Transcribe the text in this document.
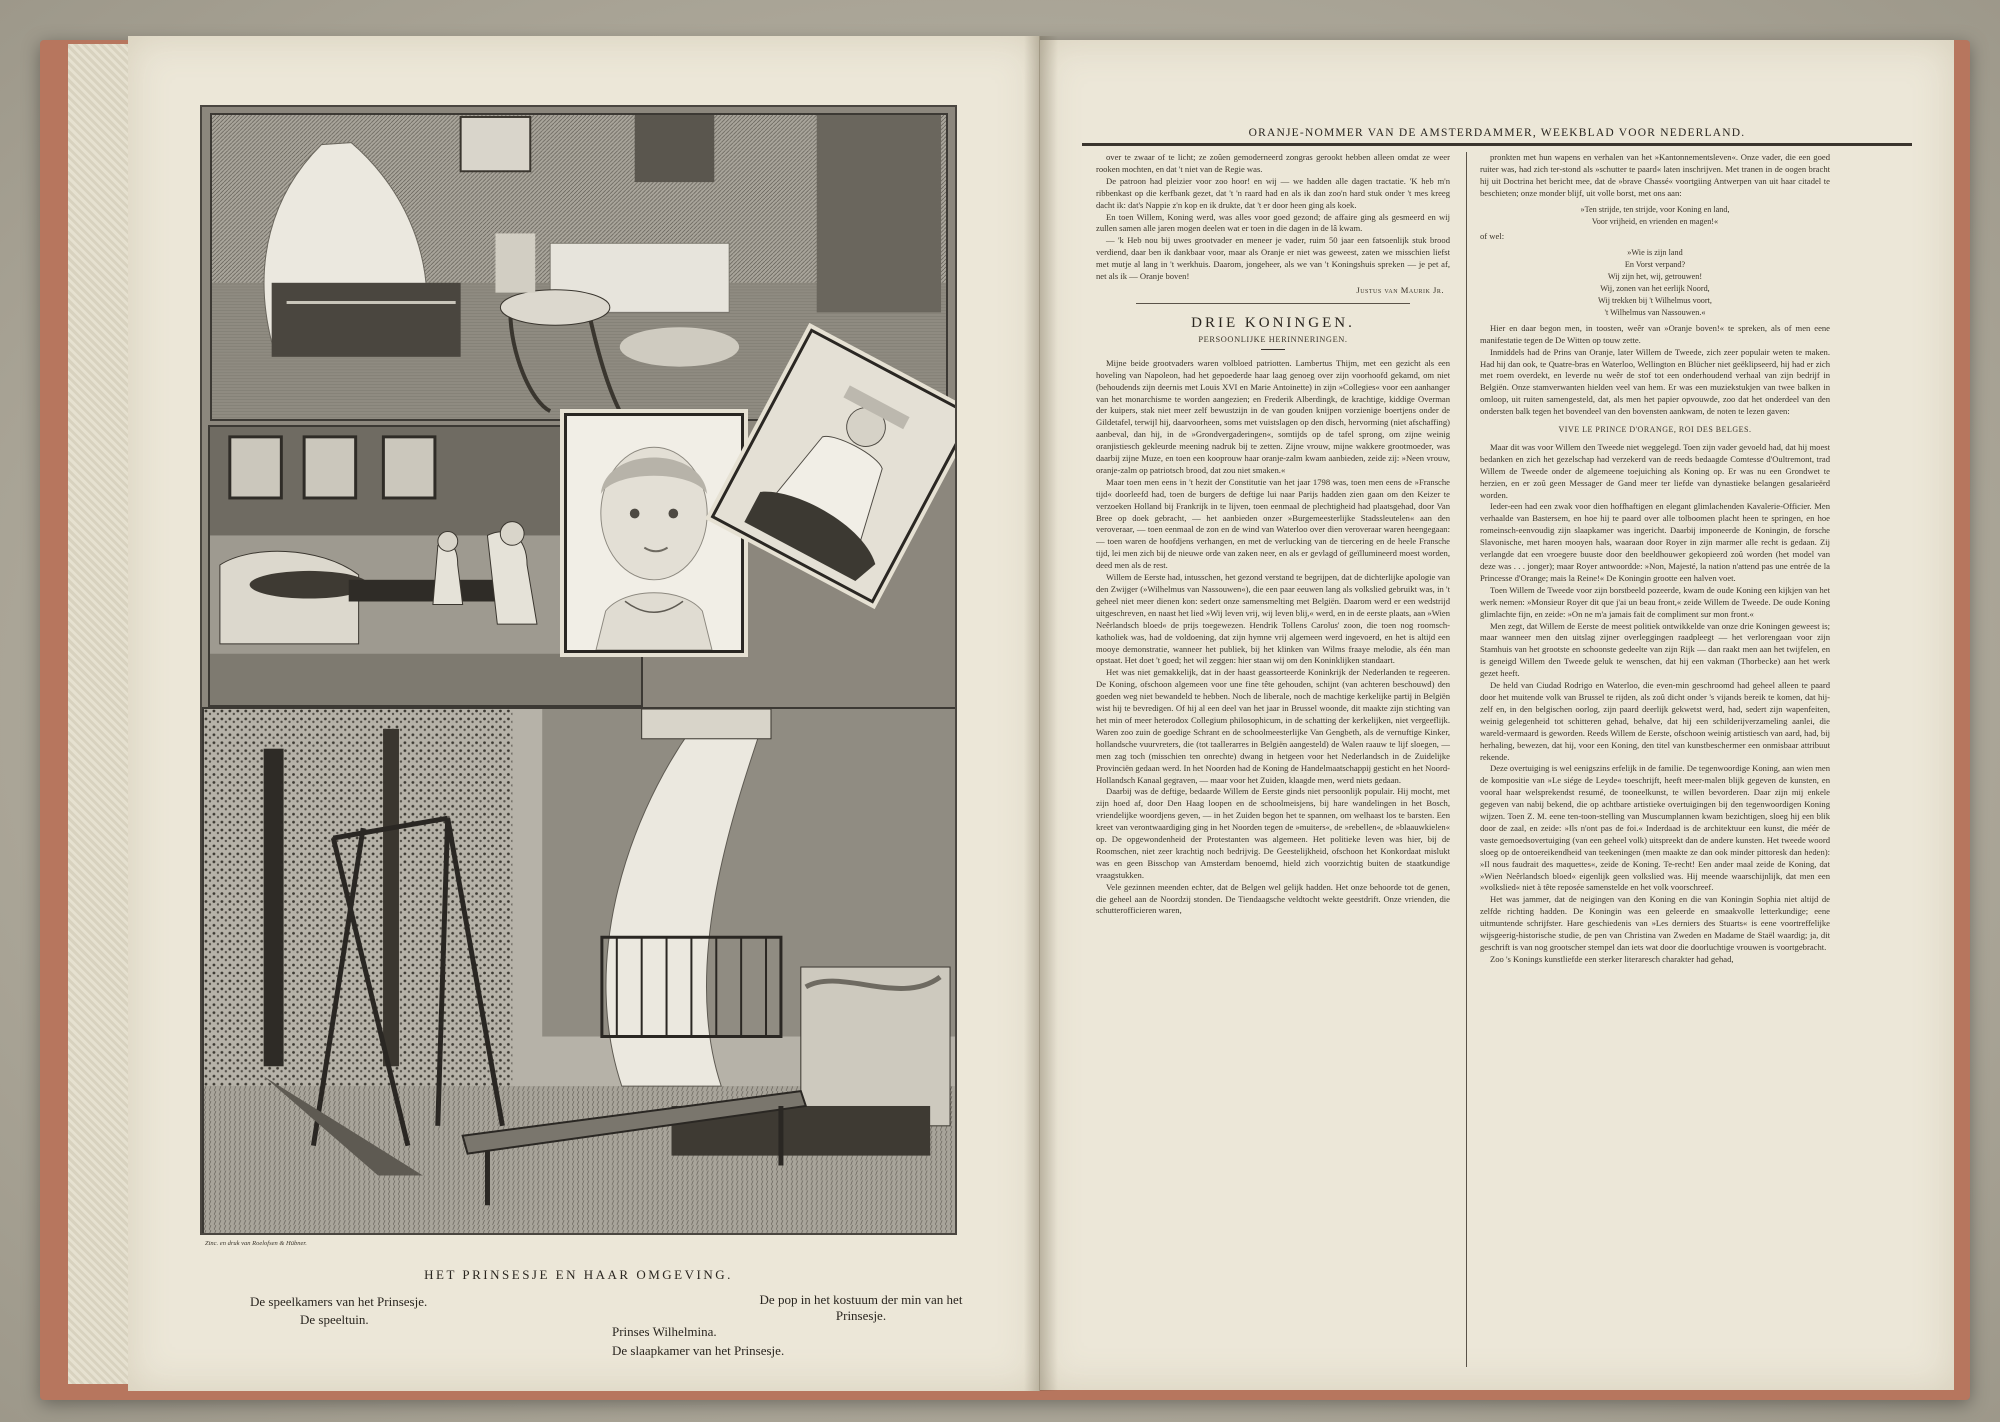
Zinc. en druk van Roelofsen & Hübner.
HET PRINSESJE EN HAAR OMGEVING.
De speelkamers van het Prinsesje.
De speeltuin.
Prinses Wilhelmina.
De slaapkamer van het Prinsesje.
De pop in het kostuum der min van het Prinsesje.
ORANJE-NOMMER VAN DE AMSTERDAMMER, WEEKBLAD VOOR NEDERLAND.

over te zwaar of te licht; ze zoûen gemoderneerd zongras gerookt hebben alleen omdat ze weer rooken mochten, en dat 't niet van de Regie was.

De patroon had pleizier voor zoo hoor! en wij — we hadden alle dagen tractatie. 'K heb m'n ribbenkast op die kerfbank gezet, dat 't 'n raard had en als ik dan zoo'n hard stuk onder 't mes kreeg dacht ik: dat's Nappie z'n kop en ik drukte, dat 't er door heen ging als koek.

En toen Willem, Koning werd, was alles voor goed gezond; de affaire ging als gesmeerd en wij zullen samen alle jaren mogen deelen wat er toen in die dagen in de lâ kwam.

— 'k Heb nou bij uwes grootvader en meneer je vader, ruim 50 jaar een fatsoenlijk stuk brood verdiend, daar ben ik dankbaar voor, maar als Oranje er niet was geweest, zaten we misschien liefst met mutje al lang in 't werkhuis. Daarom, jongeheer, als we van 't Koningshuis spreken — je pet af, net als ik — Oranje boven!

Justus van Maurik Jr.
DRIE KONINGEN.
PERSOONLIJKE HERINNERINGEN.

Mijne beide grootvaders waren volbloed patriotten. Lambertus Thijm, met een gezicht als een hoveling van Napoleon, had het gepoederde haar laag genoeg over zijn voorhoofd gekamd, om niet (behoudends zijn deernis met Louis XVI en Marie Antoinette) in zijn »Collegies« voor een aanhanger van het monarchisme te worden aangezien; en Frederik Alberdingk, de krachtige, kiddige Overman der kuipers, stak niet meer zelf bewustzijn in de van gouden knijpen vorzienige boertjens onder de Gildetafel, terwijl hij, daarvoorheen, soms met vuistslagen op den disch, hervorming (niet afschaffing) aanbeval, dan hij, in de »Grondvergaderingen«, somtijds op de tafel sprong, om zijne weinig oranjistiesch gekleurde meening nadruk bij te zetten. Zijne vrouw, mijne wakkere grootmoeder, was daarbij zijne Muze, en toen een kooprouw haar oranje-zalm kwam aanbieden, zeide zij: »Neen vrouw, oranje-zalm op patriotsch brood, dat zou niet smaken.«

Maar toen men eens in 't hezit der Constitutie van het jaar 1798 was, toen men eens de »Fransche tijd« doorleefd had, toen de burgers de deftige lui naar Parijs hadden zien gaan om den Keizer te verzoeken Holland bij Frankrijk in te lijven, toen eenmaal de plechtigheid had plaatsgehad, door Van Bree op doek gebracht, — het aanbieden onzer »Burgemeesterlijke Stadssleutelen« aan den veroveraar, — toen eenmaal de zon en de wind van Waterloo over dien veroveraar waren heengegaan: — toen waren de hoofdjens verhangen, en met de verlucking van de tiercering en de heele Fransche tijd, lei men zich bij de nieuwe orde van zaken neer, en als er gevlagd of geïllumineerd moest worden, deed men als de rest.

Willem de Eerste had, intusschen, het gezond verstand te begrijpen, dat de dichterlijke apologie van den Zwijger (»Wilhelmus van Nassouwen«), die een paar eeuwen lang als volkslied gebruikt was, in 't geheel niet meer dienen kon: sedert onze samensmelting met Belgiën. Daarom werd er een wedstrijd uitgeschreven, en naast het lied »Wij leven vrij, wij leven blij,« werd, en in de eerste plaats, aan »Wien Neêrlandsch bloed« de prijs toegewezen. Hendrik Tollens Carolus' zoon, die toen nog roomsch-katholiek was, had de voldoening, dat zijn hymne vrij algemeen werd ingevoerd, en het is altijd een mooye demonstratie, wanneer het publiek, bij het klinken van Wilms fraaye melodie, als één man opstaat. Het doet 't goed; het wil zeggen: hier staan wij om den Koninklijken standaart.

Het was niet gemakkelijk, dat in der haast geassorteerde Koninkrijk der Nederlanden te regeeren. De Koning, ofschoon algemeen voor une fine tête gehouden, schijnt (van achteren beschouwd) den goeden weg niet bewandeld te hebben. Noch de liberale, noch de machtige kerkelijke partij in Belgiën wist hij te bevredigen. Of hij al een deel van het jaar in Brussel woonde, dit maakte zijn stichting van het min of meer heterodox Collegium philosophicum, in de schatting der kerkelijken, niet vergeeflijk. Waren zoo zuin de goedige Schrant en de schoolmeesterlijke Van Gengbeth, als de vernuftige Kinker, hollandsche vuurvreters, die (tot taallerarres in Belgiën aangesteld) de Walen raauw te lijf sloegen, — men zag toch (misschien ten onrechte) dwang in hetgeen voor het Nederlandsch in de Zuidelijke Provinciën gedaan werd. In het Noorden had de Koning de Handelmaatschappij gesticht en het Noord-Hollandsch Kanaal gegraven, — maar voor het Zuiden, klaagde men, werd niets gedaan.

Daarbij was de deftige, bedaarde Willem de Eerste ginds niet persoonlijk populair. Hij mocht, met zijn hoed af, door Den Haag loopen en de schoolmeisjens, bij hare wandelingen in het Bosch, vriendelijke woordjens geven, — in het Zuiden begon het te spannen, om welhaast los te barsten. Een kreet van verontwaardiging ging in het Noorden tegen de »muiters«, de »rebellen«, de »blaauwkielen« op. De opgewondenheid der Protestanten was algemeen. Het politieke leven was hier, bij de Roomschen, niet zeer krachtig noch bedrijvig. De Geestelijkheid, ofschoon het Konkordaat mislukt was en geen Bisschop van Amsterdam benoemd, hield zich voorzichtig buiten de staatkundige vraagstukken.

Vele gezinnen meenden echter, dat de Belgen wel gelijk hadden. Het onze behoorde tot de genen, die geheel aan de Noordzij stonden. De Tiendaagsche veldtocht wekte geestdrift. Onze vrienden, die schutterofficieren waren,

pronkten met hun wapens en verhalen van het »Kantonnementsleven«. Onze vader, die een goed ruiter was, had zich ter-stond als »schutter te paard« laten inschrijven. Met tranen in de oogen bracht hij uit Doctrina het bericht mee, dat de »brave Chassé« voortgiing Antwerpen van uit haar citadel te beschieten; onze monder blijf, uit volle borst, met ons aan:

»Ten strijde, ten strijde, voor Koning en land,
Voor vrijheid, en vrienden en magen!«

of wel:

»Wie is zijn land
En Vorst verpand?
Wij zijn het, wij, getrouwen!
Wij, zonen van het eerlijk Noord,
Wij trekken bij 't Wilhelmus voort,
't Wilhelmus van Nassouwen.«

Hier en daar begon men, in toosten, weêr van »Oranje boven!« te spreken, als of men eene manifestatie tegen de De Witten op touw zette.

Inmiddels had de Prins van Oranje, later Willem de Tweede, zich zeer populair weten te maken. Had hij dan ook, te Quatre-bras en Waterloo, Wellington en Blücher niet geëklipseerd, hij had er zich met roem overdekt, en leverde nu weêr de stof tot een onderhoudend verhaal van zijn bedrijf in Belgiën. Onze stamverwanten hielden veel van hem. Er was een muziekstukjen van twee balken in omloop, uit ruiten samengesteld, dat, als men het papier opvouwde, zoo dat het onderdeel van den ondersten balk tegen het bovendeel van den bovensten aankwam, de noten te lezen gaven:

VIVE LE PRINCE D'ORANGE, ROI DES BELGES.

Maar dit was voor Willem den Tweede niet weggelegd. Toen zijn vader gevoeld had, dat hij moest bedanken en zich het gezelschap had verzekerd van de reeds bedaagde Comtesse d'Oultremont, trad Willem de Tweede onder de algemeene toejuiching als Koning op. Er was nu een Grondwet te herzien, en er zoû geen Messager de Gand meer ter liefde van dynastieke belangen gesalarieërd worden.

Ieder-een had een zwak voor dien hoffhaftigen en elegant glimlachenden Kavalerie-Officier. Men verhaalde van Bastersem, en hoe hij te paard over alle tolboomen placht heen te springen, en hoe romeinsch-eenvoudig zijn slaapkamer was ingericht. Daarbij imponeerde de Koningin, de forsche Slavonische, met haren mooyen hals, waaraan door Royer in zijn marmer alle recht is gedaan. Zij verlangde dat een vroegere buuste door den beeldhouwer gekopieerd zoû worden (het model van deze was . . . jonger); maar Royer antwoordde: »Non, Majesté, la nation n'attend pas une entrée de la Princesse d'Orange; mais la Reine!« De Koningin grootte een halven voet.

Toen Willem de Tweede voor zijn borstbeeld pozeerde, kwam de oude Koning een kijkjen van het werk nemen: »Monsieur Royer dit que j'ai un beau front,« zeide Willem de Tweede. De oude Koning glimlachte fijn, en zeide: »On ne m'a jamais fait de compliment sur mon front.«

Men zegt, dat Willem de Eerste de meest politiek ontwikkelde van onze drie Koningen geweest is; maar wanneer men den uitslag zijner overleggingen raadpleegt — het verlorengaan voor zijn Stamhuis van het grootste en schoonste gedeelte van zijn Rijk — dan raakt men aan het twijfelen, en is geneigd Willem den Tweede geluk te wenschen, dat hij een vakman (Thorbecke) aan het werk gezet heeft.

De held van Ciudad Rodrigo en Waterloo, die even-min geschroomd had geheel alleen te paard door het muitende volk van Brussel te rijden, als zoû dicht onder 's vijands bereik te komen, dat hij-zelf en, in den belgischen oorlog, zijn paard deerlijk gekwetst werd, had, sedert zijn wapenfeiten, weinig gelegenheid tot schitteren gehad, behalve, dat hij een schilderijverzameling aanlei, die wareld-vermaard is geworden. Reeds Willem de Eerste, ofschoon weinig artistiesch van aard, had, bij herhaling, bewezen, dat hij, voor een Koning, den titel van kunstbeschermer een onmisbaar attribuut rekende.

Deze overtuiging is wel eenigszins erfelijk in de familie. De tegenwoordige Koning, aan wien men de kompositie van »Le siége de Leyde« toeschrijft, heeft meer-malen blijk gegeven de kunsten, en vooral haar welsprekendst resumé, de tooneelkunst, te willen bevorderen. Daar zijn mij enkele gegeven van nabij bekend, die op achtbare artistieke overtuigingen bij den tegenwoordigen Koning wijzen. Toen Z. M. eene ten-toon-stelling van Muscumplannen kwam bezichtigen, sloeg hij een blik door de zaal, en zeide: »Ils n'ont pas de foi.« Inderdaad is de architektuur een kunst, die méér de vaste gemoedsovertuiging (van een geheel volk) uitspreekt dan de andere kunsten. Het tweede woord sloeg op de ontoereikendheid van teekeningen (men maakte ze dan ook minder pittoresk dan heden): »Il nous faudrait des maquettes«, zeide de Koning. Te-recht! Een ander maal zeide de Koning, dat »Wien Neêrlandsch bloed« eigenlijk geen volkslied was. Hij meende waarschijnlijk, dat men een »volkslied« niet à tête reposée samenstelde en het volk voorschreef.

Het was jammer, dat de neigingen van den Koning en die van Koningin Sophia niet altijd de zelfde richting hadden. De Koningin was een geleerde en smaakvolle letterkundige; eene uitmuntende schrijfster. Hare geschiedenis van »Les derniers des Stuarts« is eene voortreffelijke wijsgeerig-historische studie, de pen van Christina van Zweden en Madame de Staël waardig; ja, dit geschrift is van nog grootscher stempel dan iets wat door die doorluchtige vrouwen is voortgebracht.

Zoo 's Konings kunstliefde een sterker literaresch charakter had gehad,
